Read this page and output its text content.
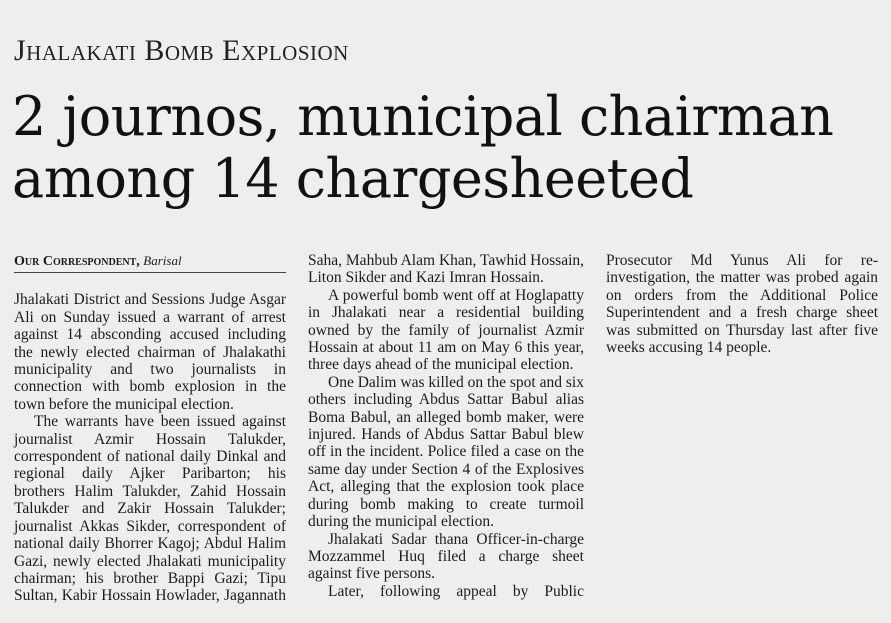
Jhalakati Bomb Explosion
2 journos, municipal chairman
among 14 chargesheeted
Our Correspondent, Barisal

Jhalakati District and Sessions Judge Asgar Ali on Sunday issued a warrant of arrest against 14 absconding accused including the newly elected chairman of Jhalakathi municipality and two journalists in connection with bomb explosion in the town before the municipal election.

The warrants have been issued against journalist Azmir Hossain Talukder, correspondent of national daily Dinkal and regional daily Ajker Paribarton; his brothers Halim Talukder, Zahid Hossain Talukder and Zakir Hossain Talukder; journalist Akkas Sikder, correspondent of national daily Bhorrer Kagoj; Abdul Halim Gazi, newly elected Jhalakati municipality chairman; his brother Bappi Gazi; Tipu Sultan, Kabir Hossain Howlader, Jagannath

Saha, Mahbub Alam Khan, Tawhid Hossain, Liton Sikder and Kazi Imran Hossain.

A powerful bomb went off at Hoglapatty in Jhalakati near a residential building owned by the family of journalist Azmir Hossain at about 11 am on May 6 this year, three days ahead of the municipal election.

One Dalim was killed on the spot and six others including Abdus Sattar Babul alias Boma Babul, an alleged bomb maker, were injured. Hands of Abdus Sattar Babul blew off in the incident. Police filed a case on the same day under Section 4 of the Explosives Act, alleging that the explosion took place during bomb making to create turmoil during the municipal election.

Jhalakati Sadar thana Officer-in-charge Mozzammel Huq filed a charge sheet against five persons.

Later, following appeal by Public

Prosecutor Md Yunus Ali for re-investigation, the matter was probed again on orders from the Additional Police Superintendent and a fresh charge sheet was submitted on Thursday last after five weeks accusing 14 people.
